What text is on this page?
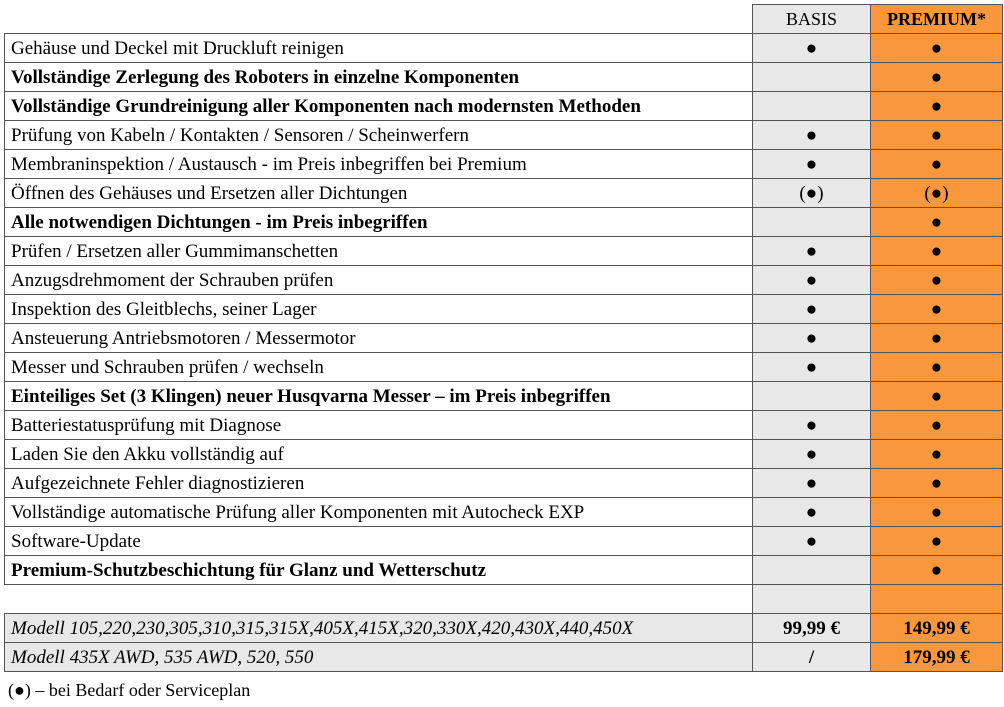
	BASIS	PREMIUM*
Gehäuse und Deckel mit Druckluft reinigen	●	●
Vollständige Zerlegung des Roboters in einzelne Komponenten		●
Vollständige Grundreinigung aller Komponenten nach modernsten Methoden		●
Prüfung von Kabeln / Kontakten / Sensoren / Scheinwerfern	●	●
Membraninspektion / Austausch - im Preis inbegriffen bei Premium	●	●
Öffnen des Gehäuses und Ersetzen aller Dichtungen	(●)	(●)
Alle notwendigen Dichtungen - im Preis inbegriffen		●
Prüfen / Ersetzen aller Gummimanschetten	●	●
Anzugsdrehmoment der Schrauben prüfen	●	●
Inspektion des Gleitblechs, seiner Lager	●	●
Ansteuerung Antriebsmotoren / Messermotor	●	●
Messer und Schrauben prüfen / wechseln	●	●
Einteiliges Set (3 Klingen) neuer Husqvarna Messer – im Preis inbegriffen		●
Batteriestatusprüfung mit Diagnose	●	●
Laden Sie den Akku vollständig auf	●	●
Aufgezeichnete Fehler diagnostizieren	●	●
Vollständige automatische Prüfung aller Komponenten mit Autocheck EXP	●	●
Software-Update	●	●
Premium-Schutzbeschichtung für Glanz und Wetterschutz		●

Modell 105,220,230,305,310,315,315X,405X,415X,320,330X,420,430X,440,450X	99,99 €	149,99 €
Modell 435X AWD, 535 AWD, 520, 550	/	179,99 €
(●) – bei Bedarf oder Serviceplan
